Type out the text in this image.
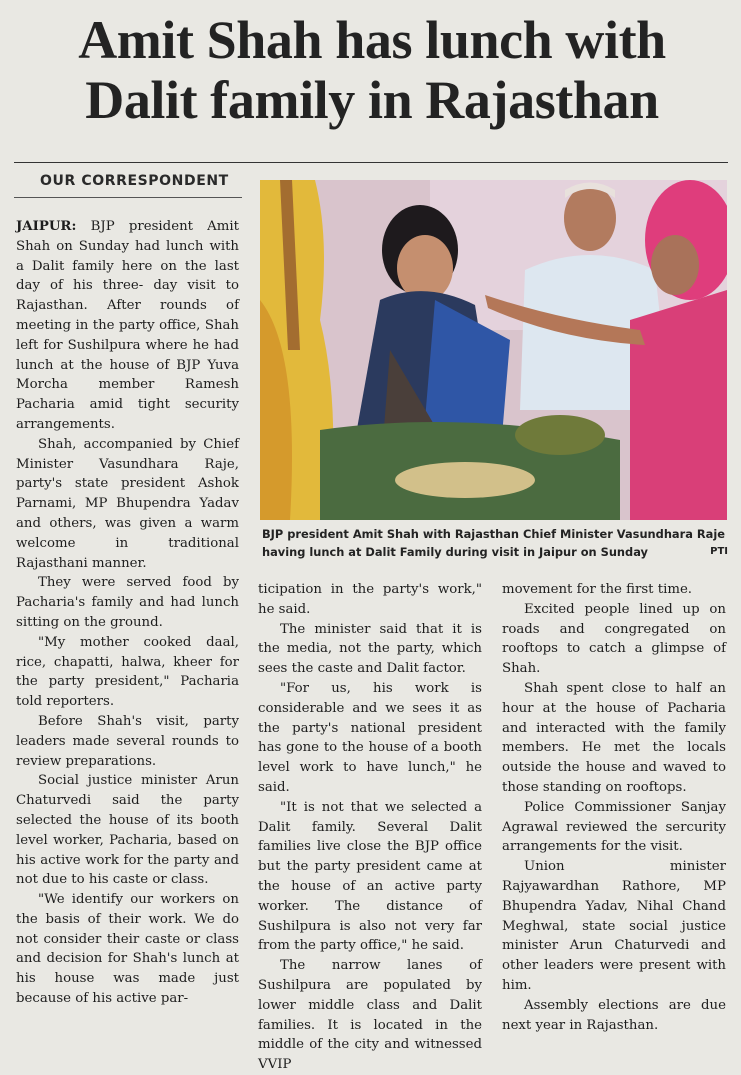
Amit Shah has lunch with
Dalit family in Rajasthan
OUR CORRESPONDENT
BJP president Amit Shah with Rajasthan Chief Minister Vasundhara Raje having lunch at Dalit Family during visit in Jaipur on Sunday	PTI

JAIPUR: BJP president Amit Shah on Sunday had lunch with a Dalit family here on the last day of his three- day visit to Rajasthan. After rounds of meeting in the party office, Shah left for Sushilpura where he had lunch at the house of BJP Yuva Morcha member Ramesh Pacharia amid tight security arrangements.

Shah, accompanied by Chief Minister Vasundhara Raje, party's state president Ashok Parnami, MP Bhupendra Yadav and others, was given a warm welcome in traditional Rajasthani manner.

They were served food by Pacharia's family and had lunch sitting on the ground.

"My mother cooked daal, rice, chapatti, halwa, kheer for the party president," Pacharia told reporters.

Before Shah's visit, party leaders made several rounds to review preparations.

Social justice minister Arun Chaturvedi said the party selected the house of its booth level worker, Pacharia, based on his active work for the party and not due to his caste or class.

"We identify our workers on the basis of their work. We do not consider their caste or class and decision for Shah's lunch at his house was made just because of his active par-

ticipation in the party's work," he said.

The minister said that it is the media, not the party, which sees the caste and Dalit factor.

"For us, his work is considerable and we sees it as the party's national president has gone to the house of a booth level work to have lunch," he said.

"It is not that we selected a Dalit family. Several Dalit families live close the BJP office but the party president came at the house of an active party worker. The distance of Sushilpura is also not very far from the party office," he said.

The narrow lanes of Sushilpura are populated by lower middle class and Dalit families. It is located in the middle of the city and witnessed VVIP

movement for the first time.

Excited people lined up on roads and congregated on rooftops to catch a glimpse of Shah.

Shah spent close to half an hour at the house of Pacharia and interacted with the family members. He met the locals outside the house and waved to those standing on rooftops.

Police Commissioner Sanjay Agrawal reviewed the sercurity arrangements for the visit.

Union minister Rajyawardhan Rathore, MP Bhupendra Yadav, Nihal Chand Meghwal, state social justice minister Arun Chaturvedi and other leaders were present with him.

Assembly elections are due next year in Rajasthan.
